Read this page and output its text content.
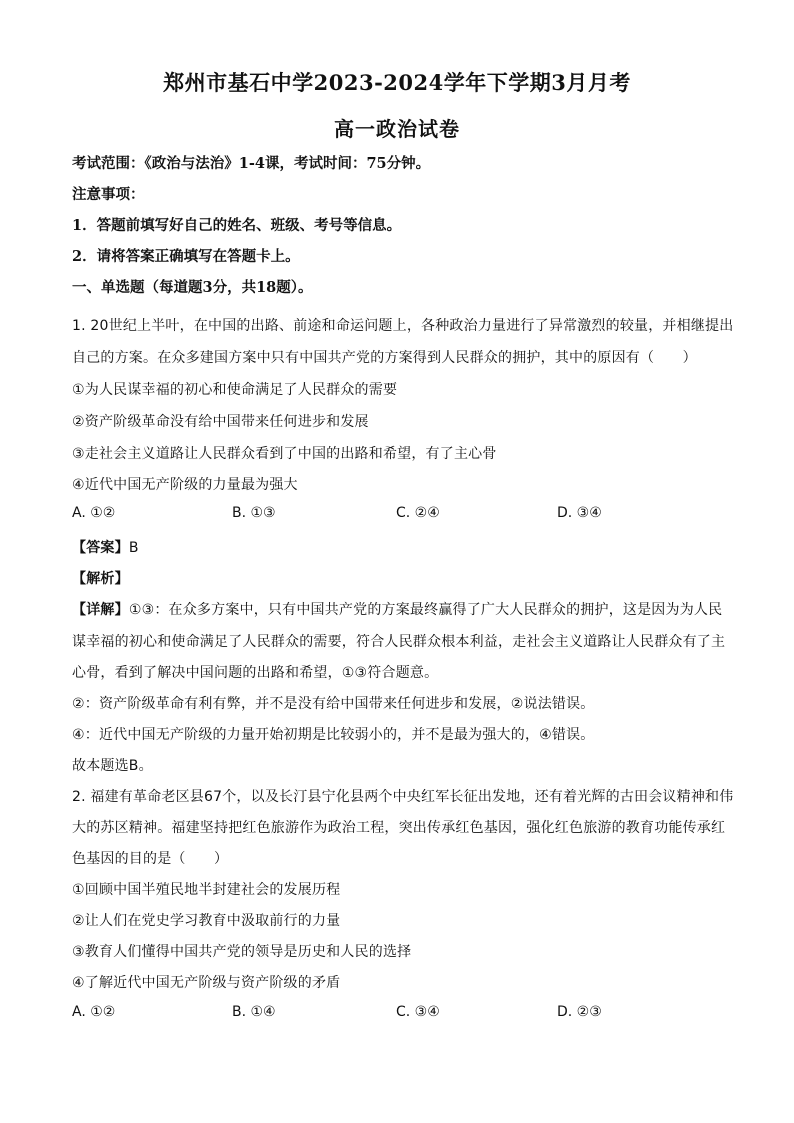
郑州市基石中学2023-2024学年下学期3月月考
高一政治试卷
考试范围：《政治与法治》1-4课，考试时间：75分钟。
注意事项：
1．答题前填写好自己的姓名、班级、考号等信息。
2．请将答案正确填写在答题卡上。
一、单选题（每道题3分，共18题）。
1. 20世纪上半叶，在中国的出路、前途和命运问题上，各种政治力量进行了异常激烈的较量，并相继提出
自己的方案。在众多建国方案中只有中国共产党的方案得到人民群众的拥护，其中的原因有（　　）
①为人民谋幸福的初心和使命满足了人民群众的需要
②资产阶级革命没有给中国带来任何进步和发展
③走社会主义道路让人民群众看到了中国的出路和希望，有了主心骨
④近代中国无产阶级的力量最为强大
A. ①②	B. ①③	C. ②④	D. ③④
【答案】B
【解析】
【详解】①③：在众多方案中，只有中国共产党的方案最终赢得了广大人民群众的拥护，这是因为为人民
谋幸福的初心和使命满足了人民群众的需要，符合人民群众根本利益，走社会主义道路让人民群众有了主
心骨，看到了解决中国问题的出路和希望，①③符合题意。
②：资产阶级革命有利有弊，并不是没有给中国带来任何进步和发展，②说法错误。
④：近代中国无产阶级的力量开始初期是比较弱小的，并不是最为强大的，④错误。
故本题选B。
2. 福建有革命老区县67个，以及长汀县宁化县两个中央红军长征出发地，还有着光辉的古田会议精神和伟
大的苏区精神。福建坚持把红色旅游作为政治工程，突出传承红色基因，强化红色旅游的教育功能传承红
色基因的目的是（　　）
①回顾中国半殖民地半封建社会的发展历程
②让人们在党史学习教育中汲取前行的力量
③教育人们懂得中国共产党的领导是历史和人民的选择
④了解近代中国无产阶级与资产阶级的矛盾
A. ①②	B. ①④	C. ③④	D. ②③
